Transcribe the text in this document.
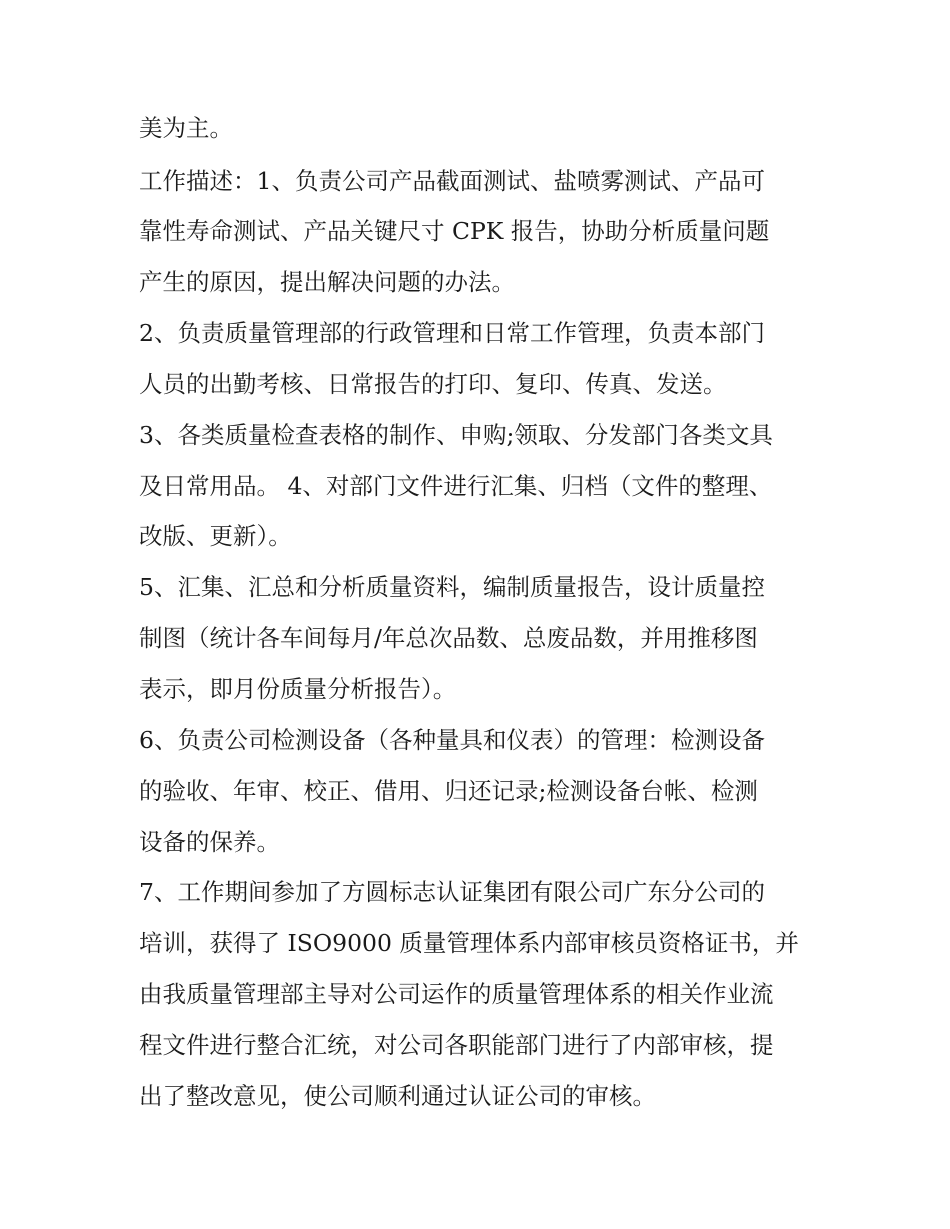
美为主。
工作描述：1、负责公司产品截面测试、盐喷雾测试、产品可
靠性寿命测试、产品关键尺寸 CPK 报告，协助分析质量问题
产生的原因，提出解决问题的办法。
2、负责质量管理部的行政管理和日常工作管理，负责本部门
人员的出勤考核、日常报告的打印、复印、传真、发送。
3、各类质量检查表格的制作、申购;领取、分发部门各类文具
及日常用品。 4、对部门文件进行汇集、归档（文件的整理、
改版、更新）。
5、汇集、汇总和分析质量资料，编制质量报告，设计质量控
制图（统计各车间每月/年总次品数、总废品数，并用推移图
表示，即月份质量分析报告）。
6、负责公司检测设备（各种量具和仪表）的管理：检测设备
的验收、年审、校正、借用、归还记录;检测设备台帐、检测
设备的保养。
7、工作期间参加了方圆标志认证集团有限公司广东分公司的
培训，获得了 ISO9000 质量管理体系内部审核员资格证书，并
由我质量管理部主导对公司运作的质量管理体系的相关作业流
程文件进行整合汇统，对公司各职能部门进行了内部审核，提
出了整改意见，使公司顺利通过认证公司的审核。
